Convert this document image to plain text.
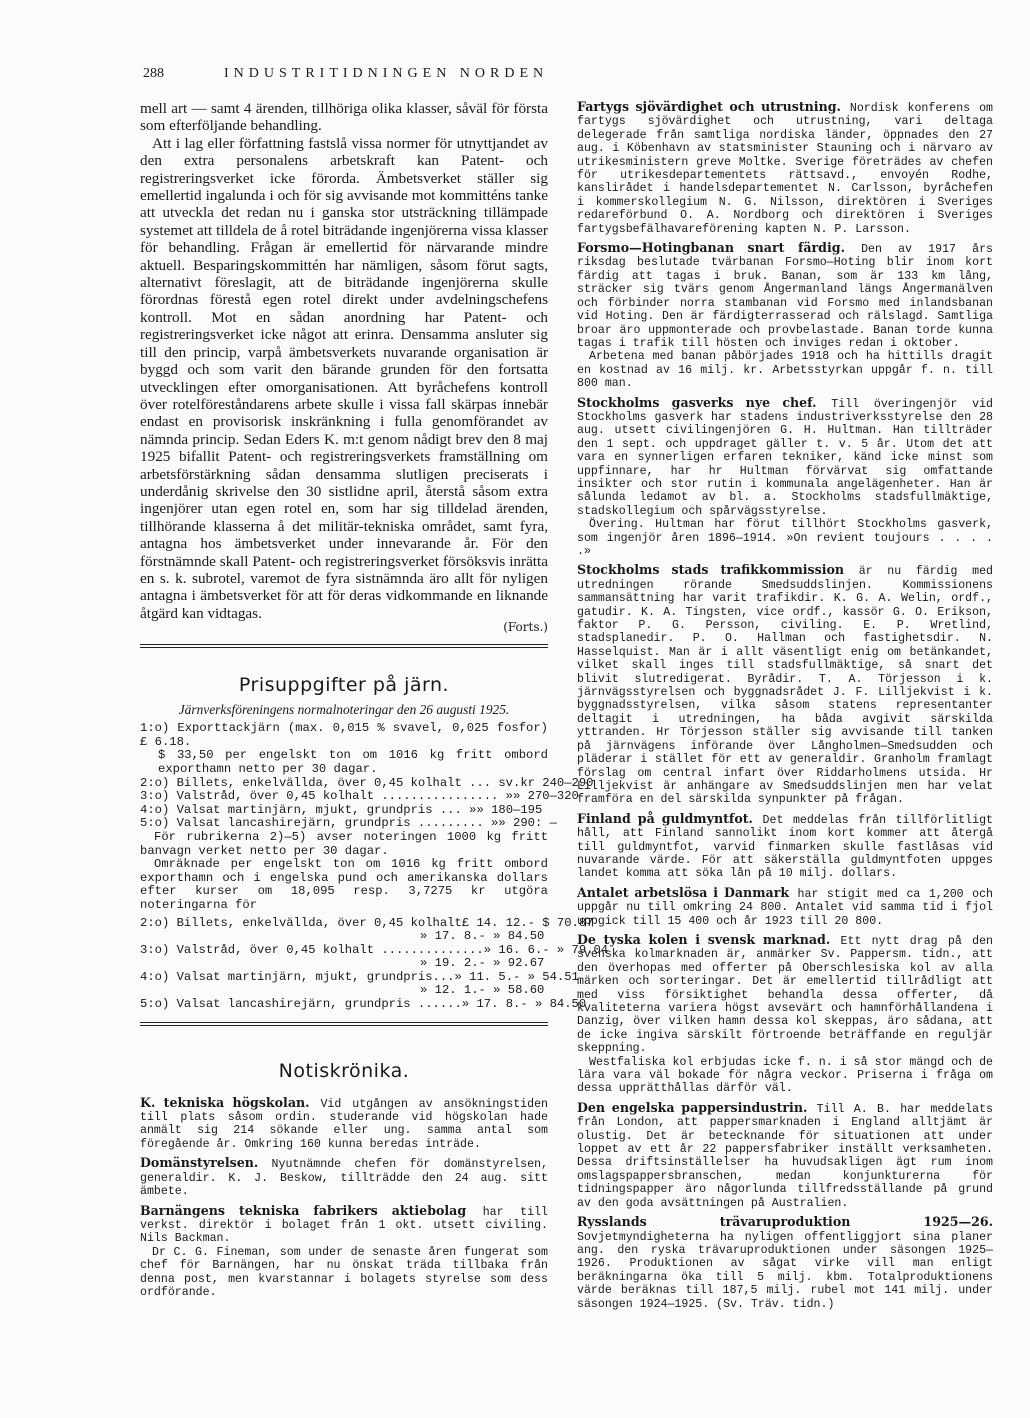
288	INDUSTRITIDNINGEN NORDEN

mell art — samt 4 ärenden, tillhöriga olika klasser, såväl för första som efterföljande behandling.

Att i lag eller författning fastslå vissa normer för utnyttjandet av den extra personalens arbetskraft kan Patent- och registreringsverket icke förorda. Ämbetsverket ställer sig emellertid ingalunda i och för sig avvisande mot kommitténs tanke att utveckla det redan nu i ganska stor utsträckning tillämpade systemet att tilldela de å rotel biträdande ingenjörerna vissa klasser för behandling. Frågan är emellertid för närvarande mindre aktuell. Besparingskommittén har nämligen, såsom förut sagts, alternativt föreslagit, att de biträdande ingenjörerna skulle förordnas förestå egen rotel direkt under avdelningschefens kontroll. Mot en sådan anordning har Patent- och registreringsverket icke något att erinra. Densamma ansluter sig till den princip, varpå ämbetsverkets nuvarande organisation är byggd och som varit den bärande grunden för den fortsatta utvecklingen efter omorganisationen. Att byråchefens kontroll över rotelföreståndarens arbete skulle i vissa fall skärpas innebär endast en provisorisk inskränkning i fulla genomförandet av nämnda princip. Sedan Eders K. m:t genom nådigt brev den 8 maj 1925 bifallit Patent- och registreringsverkets framställning om arbetsförstärkning sådan densamma slutligen preciserats i underdånig skrivelse den 30 sistlidne april, återstå såsom extra ingenjörer utan egen rotel en, som har sig tilldelad ärenden, tillhörande klasserna å det militär-tekniska området, samt fyra, antagna hos ämbetsverket under innevarande år. För den förstnämnde skall Patent- och registreringsverket försöksvis inrätta en s. k. subrotel, varemot de fyra sistnämnda äro allt för nyligen antagna i ämbetsverket för att för deras vidkommande en liknande åtgärd kan vidtagas.

(Forts.)
Prisuppgifter på järn.
Järnverksföreningens normalnoteringar den 26 augusti 1925.

1:o) Exporttackjärn (max. 0,015 % svavel, 0,025 fosfor) £ 6.18.

$ 33,50 per engelskt ton om 1016 kg fritt ombord exporthamn netto per 30 dagar.

2:o) Billets, enkelvällda, över 0,45 kolhalt ... sv. kr 240—290
3:o) Valstråd, över 0,45 kolhalt ................ » » 270—320
4:o) Valsat martinjärn, mjukt, grundpris ... » » 180—195
5:o) Valsat lancashirejärn, grundpris ......... » » 290: —

För rubrikerna 2)—5) avser noteringen 1000 kg fritt banvagn verket netto per 30 dagar.

Omräknade per engelskt ton om 1016 kg fritt ombord exporthamn och i engelska pund och amerikanska dollars efter kurser om 18,095 resp. 3,7275 kr utgöra noteringarna för

2:o) Billets, enkelvällda, över 0,45 kolhalt £ 14. 12.- $ 70.87
» 17. 8.- » 84.50
3:o) Valstråd, över 0,45 kolhalt .............. » 16. 6.- » 79.04
» 19. 2.- » 92.67
4:o) Valsat martinjärn, mjukt, grundpris... » 11. 5.- » 54.51
» 12. 1.- » 58.60
5:o) Valsat lancashirejärn, grundpris ...... » 17. 8.- » 84.50
Notiskrönika.

K. tekniska högskolan. Vid utgången av ansökningstiden till plats såsom ordin. studerande vid högskolan hade anmält sig 214 sökande eller ung. samma antal som föregående år. Omkring 160 kunna beredas inträde.

Domänstyrelsen. Nyutnämnde chefen för domänstyrelsen, generaldir. K. J. Beskow, tillträdde den 24 aug. sitt ämbete.

Barnängens tekniska fabrikers aktiebolag har till verkst. direktör i bolaget från 1 okt. utsett civiling. Nils Backman.

Dr C. G. Fineman, som under de senaste åren fungerat som chef för Barnängen, har nu önskat träda tillbaka från denna post, men kvarstannar i bolagets styrelse som dess ordförande.

Fartygs sjövärdighet och utrustning. Nordisk konferens om fartygs sjövärdighet och utrustning, vari deltaga delegerade från samtliga nordiska länder, öppnades den 27 aug. i Köbenhavn av statsminister Stauning och i närvaro av utrikesministern greve Moltke. Sverige företrädes av chefen för utrikesdepartementets rättsavd., envoyén Rodhe, kanslirådet i handelsdepartementet N. Carlsson, byråchefen i kommerskollegium N. G. Nilsson, direktören i Sveriges redareförbund O. A. Nordborg och direktören i Sveriges fartygsbefälhavareförening kapten N. P. Larsson.

Forsmo—Hotingbanan snart färdig. Den av 1917 års riksdag beslutade tvärbanan Forsmo—Hoting blir inom kort färdig att tagas i bruk. Banan, som är 133 km lång, sträcker sig tvärs genom Ångermanland längs Ångermanälven och förbinder norra stambanan vid Forsmo med inlandsbanan vid Hoting. Den är färdigterrasserad och rälslagd. Samtliga broar äro uppmonterade och provbelastade. Banan torde kunna tagas i trafik till hösten och inviges redan i oktober.

Arbetena med banan påbörjades 1918 och ha hittills dragit en kostnad av 16 milj. kr. Arbetsstyrkan uppgår f. n. till 800 man.

Stockholms gasverks nye chef. Till överingenjör vid Stockholms gasverk har stadens industriverksstyrelse den 28 aug. utsett civilingenjören G. H. Hultman. Han tillträder den 1 sept. och uppdraget gäller t. v. 5 år. Utom det att vara en synnerligen erfaren tekniker, känd icke minst som uppfinnare, har hr Hultman förvärvat sig omfattande insikter och stor rutin i kommunala angelägenheter. Han är sålunda ledamot av bl. a. Stockholms stadsfullmäktige, stadskollegium och spårvägsstyrelse.

Övering. Hultman har förut tillhört Stockholms gasverk, som ingenjör åren 1896—1914. »On revient toujours . . . . .»

Stockholms stads trafikkommission är nu färdig med utredningen rörande Smedsuddslinjen. Kommissionens sammansättning har varit trafikdir. K. G. A. Welin, ordf., gatudir. K. A. Tingsten, vice ordf., kassör G. O. Erikson, faktor P. G. Persson, civiling. E. P. Wretlind, stadsplanedir. P. O. Hallman och fastighetsdir. N. Hasselquist. Man är i allt väsentligt enig om betänkandet, vilket skall inges till stadsfullmäktige, så snart det blivit slutredigerat. Byrådir. T. A. Törjesson i k. järnvägsstyrelsen och byggnadsrådet J. F. Lilljekvist i k. byggnadsstyrelsen, vilka såsom statens representanter deltagit i utredningen, ha båda avgivit särskilda yttranden. Hr Törjesson ställer sig avvisande till tanken på järnvägens införande över Långholmen—Smedsudden och pläderar i stället för ett av generaldir. Granholm framlagt förslag om central infart över Riddarholmens utsida. Hr Lilljekvist är anhängare av Smedsuddslinjen men har velat framföra en del särskilda synpunkter på frågan.

Finland på guldmyntfot. Det meddelas från tillförlitligt håll, att Finland sannolikt inom kort kommer att återgå till guldmyntfot, varvid finmarken skulle fastlåsas vid nuvarande värde. För att säkerställa guldmyntfoten uppges landet komma att söka lån på 10 milj. dollars.

Antalet arbetslösa i Danmark har stigit med ca 1,200 och uppgår nu till omkring 24 800. Antalet vid samma tid i fjol uppgick till 15 400 och år 1923 till 20 800.

De tyska kolen i svensk marknad. Ett nytt drag på den svenska kolmarknaden är, anmärker Sv. Pappersm. tidn., att den överhopas med offerter på Oberschlesiska kol av alla märken och sorteringar. Det är emellertid tillrådligt att med viss försiktighet behandla dessa offerter, då kvaliteterna variera högst avsevärt och hamnförhållandena i Danzig, över vilken hamn dessa kol skeppas, äro sådana, att de icke ingiva särskilt förtroende beträffande en reguljär skeppning.

Westfaliska kol erbjudas icke f. n. i så stor mängd och de lära vara väl bokade för några veckor. Priserna i fråga om dessa upprätthållas därför väl.

Den engelska pappersindustrin. Till A. B. har meddelats från London, att pappersmarknaden i England alltjämt är olustig. Det är betecknande för situationen att under loppet av ett år 22 pappersfabriker inställt verksamheten. Dessa driftsinställelser ha huvudsakligen ägt rum inom omslagspappersbranschen, medan konjunkturerna för tidningspapper äro någorlunda tillfredsställande på grund av den goda avsättningen på Australien.

Rysslands trävaruproduktion 1925—26. Sovjetmyndigheterna ha nyligen offentliggjort sina planer ang. den ryska trävaruproduktionen under säsongen 1925—1926. Produktionen av sågat virke vill man enligt beräkningarna öka till 5 milj. kbm. Totalproduktionens värde beräknas till 187,5 milj. rubel mot 141 milj. under säsongen 1924—1925. (Sv. Träv. tidn.)
